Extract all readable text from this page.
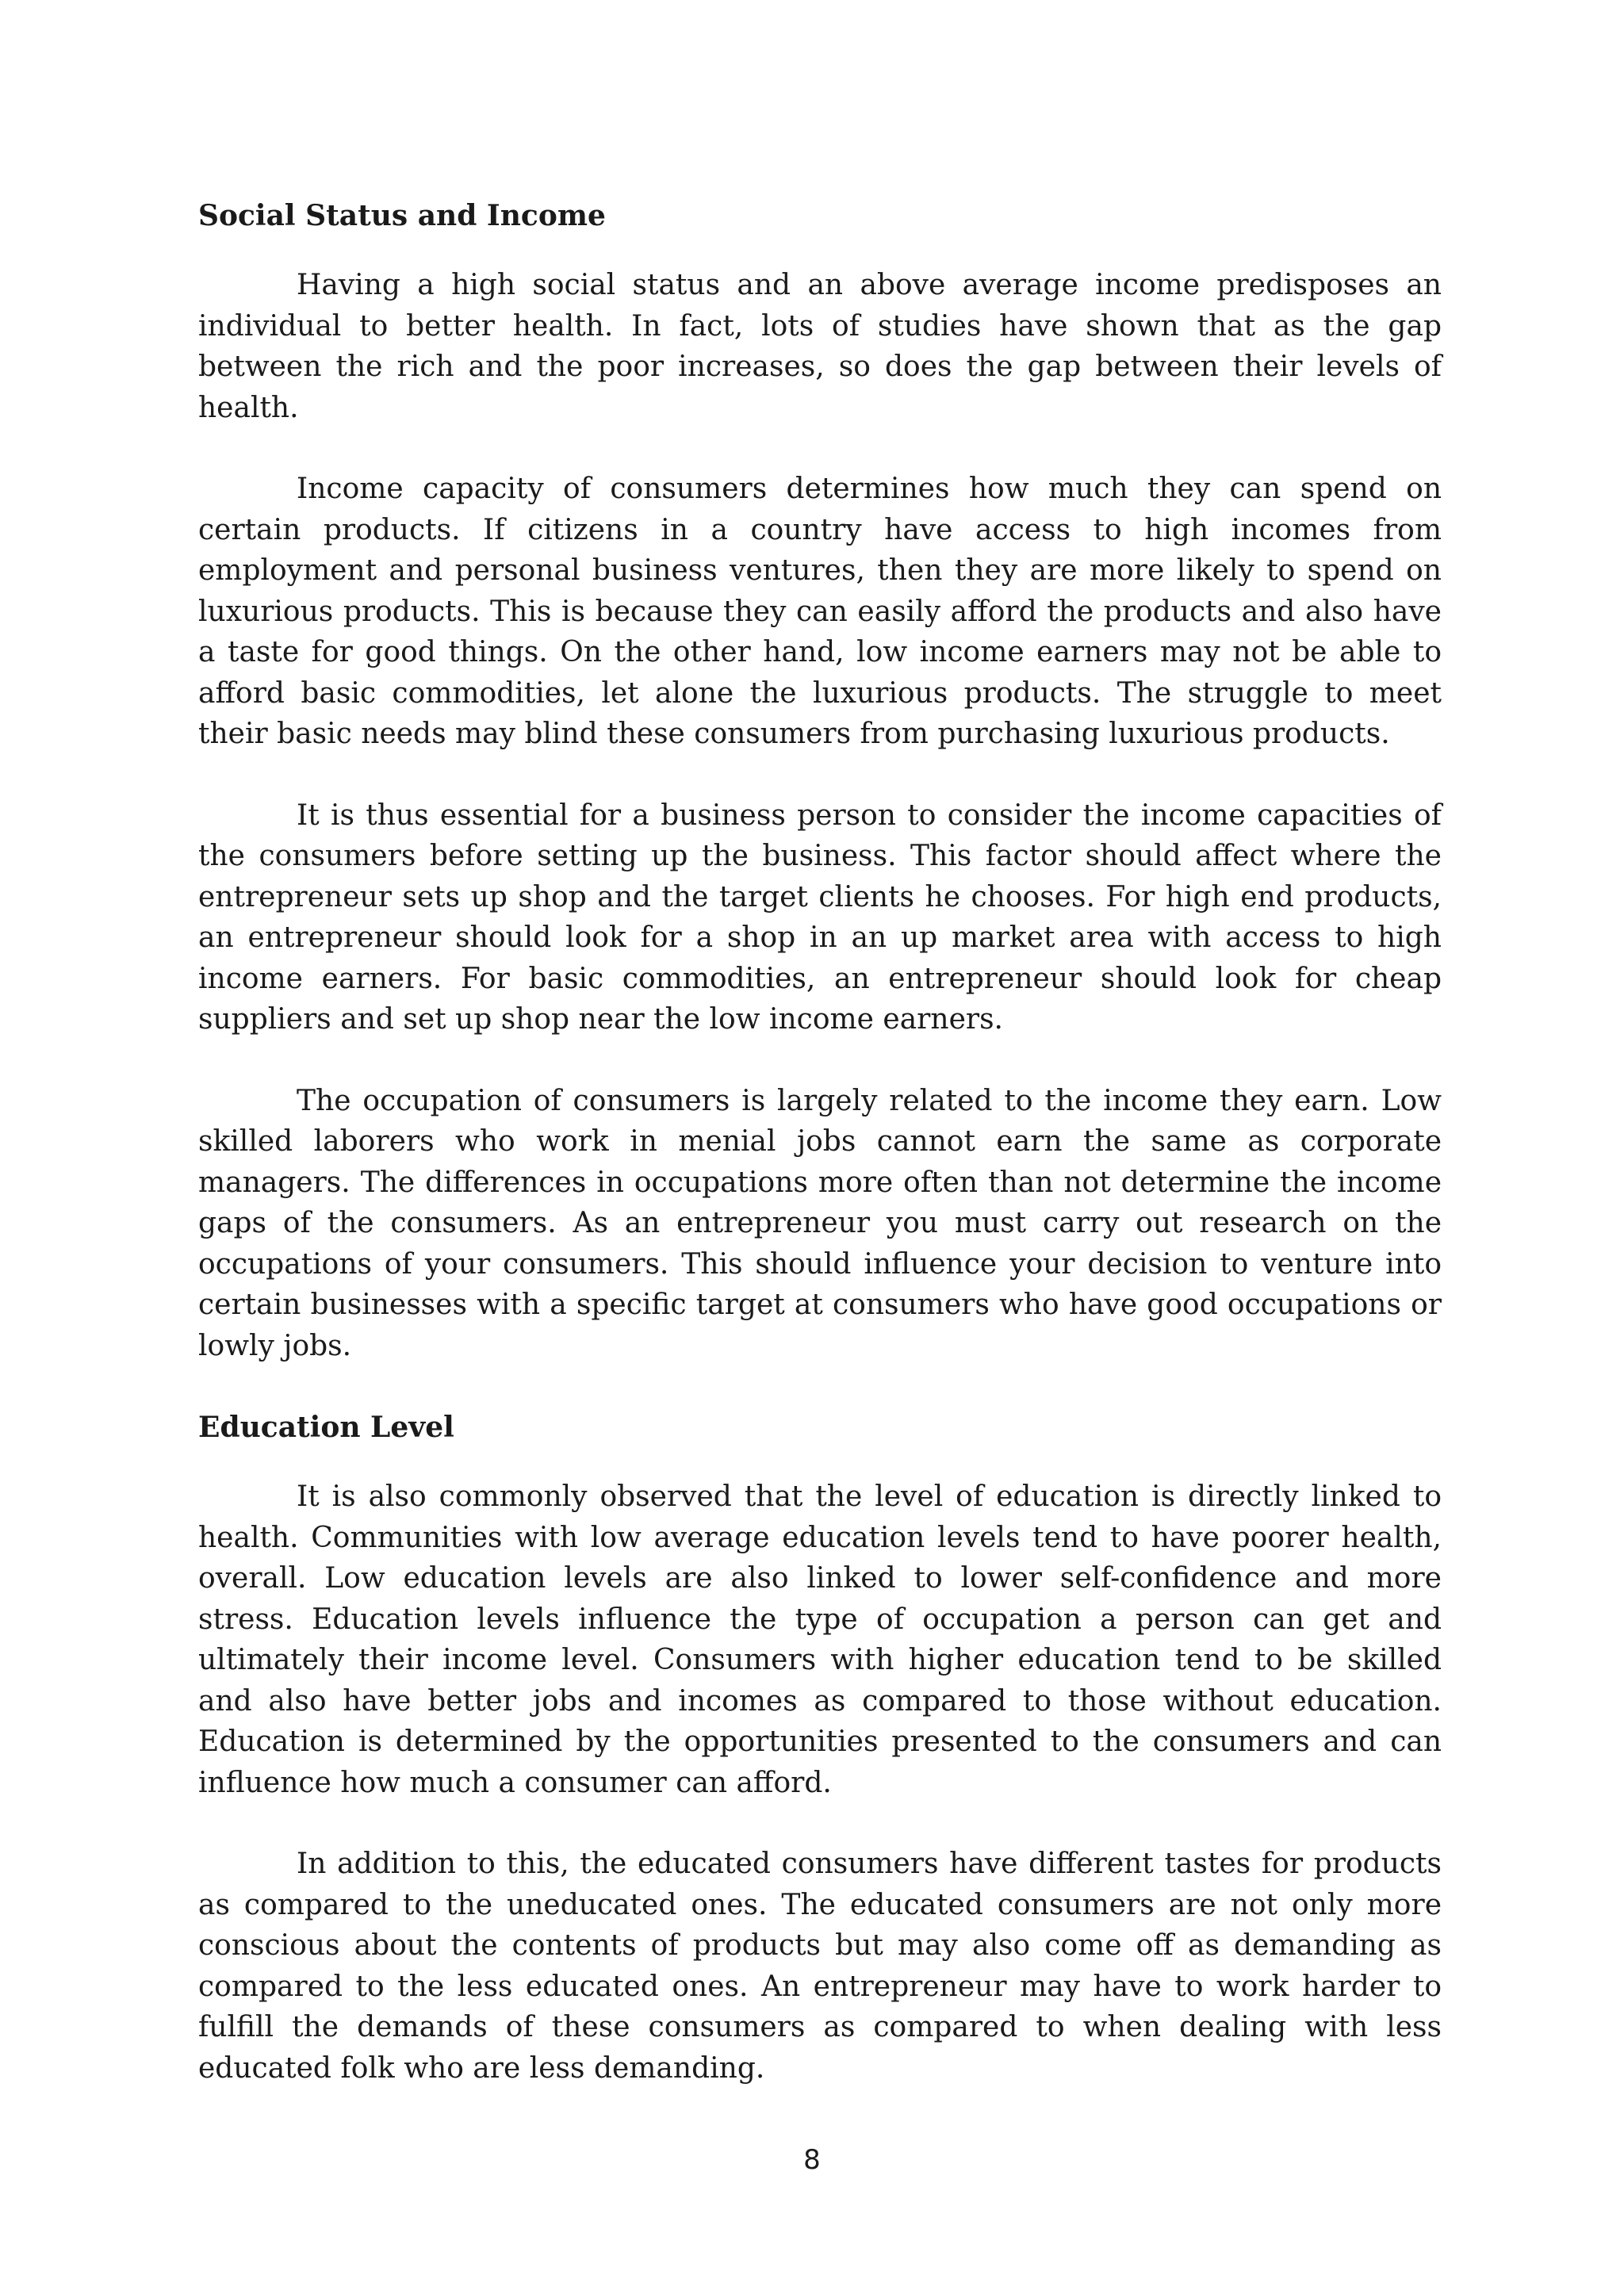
Social Status and Income

Having a high social status and an above average income predisposes an individual to better health. In fact, lots of studies have shown that as the gap between the rich and the poor increases, so does the gap between their levels of health.

Income capacity of consumers determines how much they can spend on certain products. If citizens in a country have access to high incomes from employment and personal business ventures, then they are more likely to spend on luxurious products. This is because they can easily afford the products and also have a taste for good things. On the other hand, low income earners may not be able to afford basic commodities, let alone the luxurious products. The struggle to meet their basic needs may blind these consumers from purchasing luxurious products.

It is thus essential for a business person to consider the income capacities of the consumers before setting up the business. This factor should affect where the entrepreneur sets up shop and the target clients he chooses. For high end products, an entrepreneur should look for a shop in an up market area with access to high income earners. For basic commodities, an entrepreneur should look for cheap suppliers and set up shop near the low income earners.

The occupation of consumers is largely related to the income they earn. Low skilled laborers who work in menial jobs cannot earn the same as corporate managers. The differences in occupations more often than not determine the income gaps of the consumers. As an entrepreneur you must carry out research on the occupations of your consumers. This should influence your decision to venture into certain businesses with a specific target at consumers who have good occupations or lowly jobs.

Education Level

It is also commonly observed that the level of education is directly linked to health. Communities with low average education levels tend to have poorer health, overall. Low education levels are also linked to lower self-confidence and more stress. Education levels influence the type of occupation a person can get and ultimately their income level. Consumers with higher education tend to be skilled and also have better jobs and incomes as compared to those without education. Education is determined by the opportunities presented to the consumers and can influence how much a consumer can afford.

In addition to this, the educated consumers have different tastes for products as compared to the uneducated ones. The educated consumers are not only more conscious about the contents of products but may also come off as demanding as compared to the less educated ones. An entrepreneur may have to work harder to fulfill the demands of these consumers as compared to when dealing with less educated folk who are less demanding.

8
